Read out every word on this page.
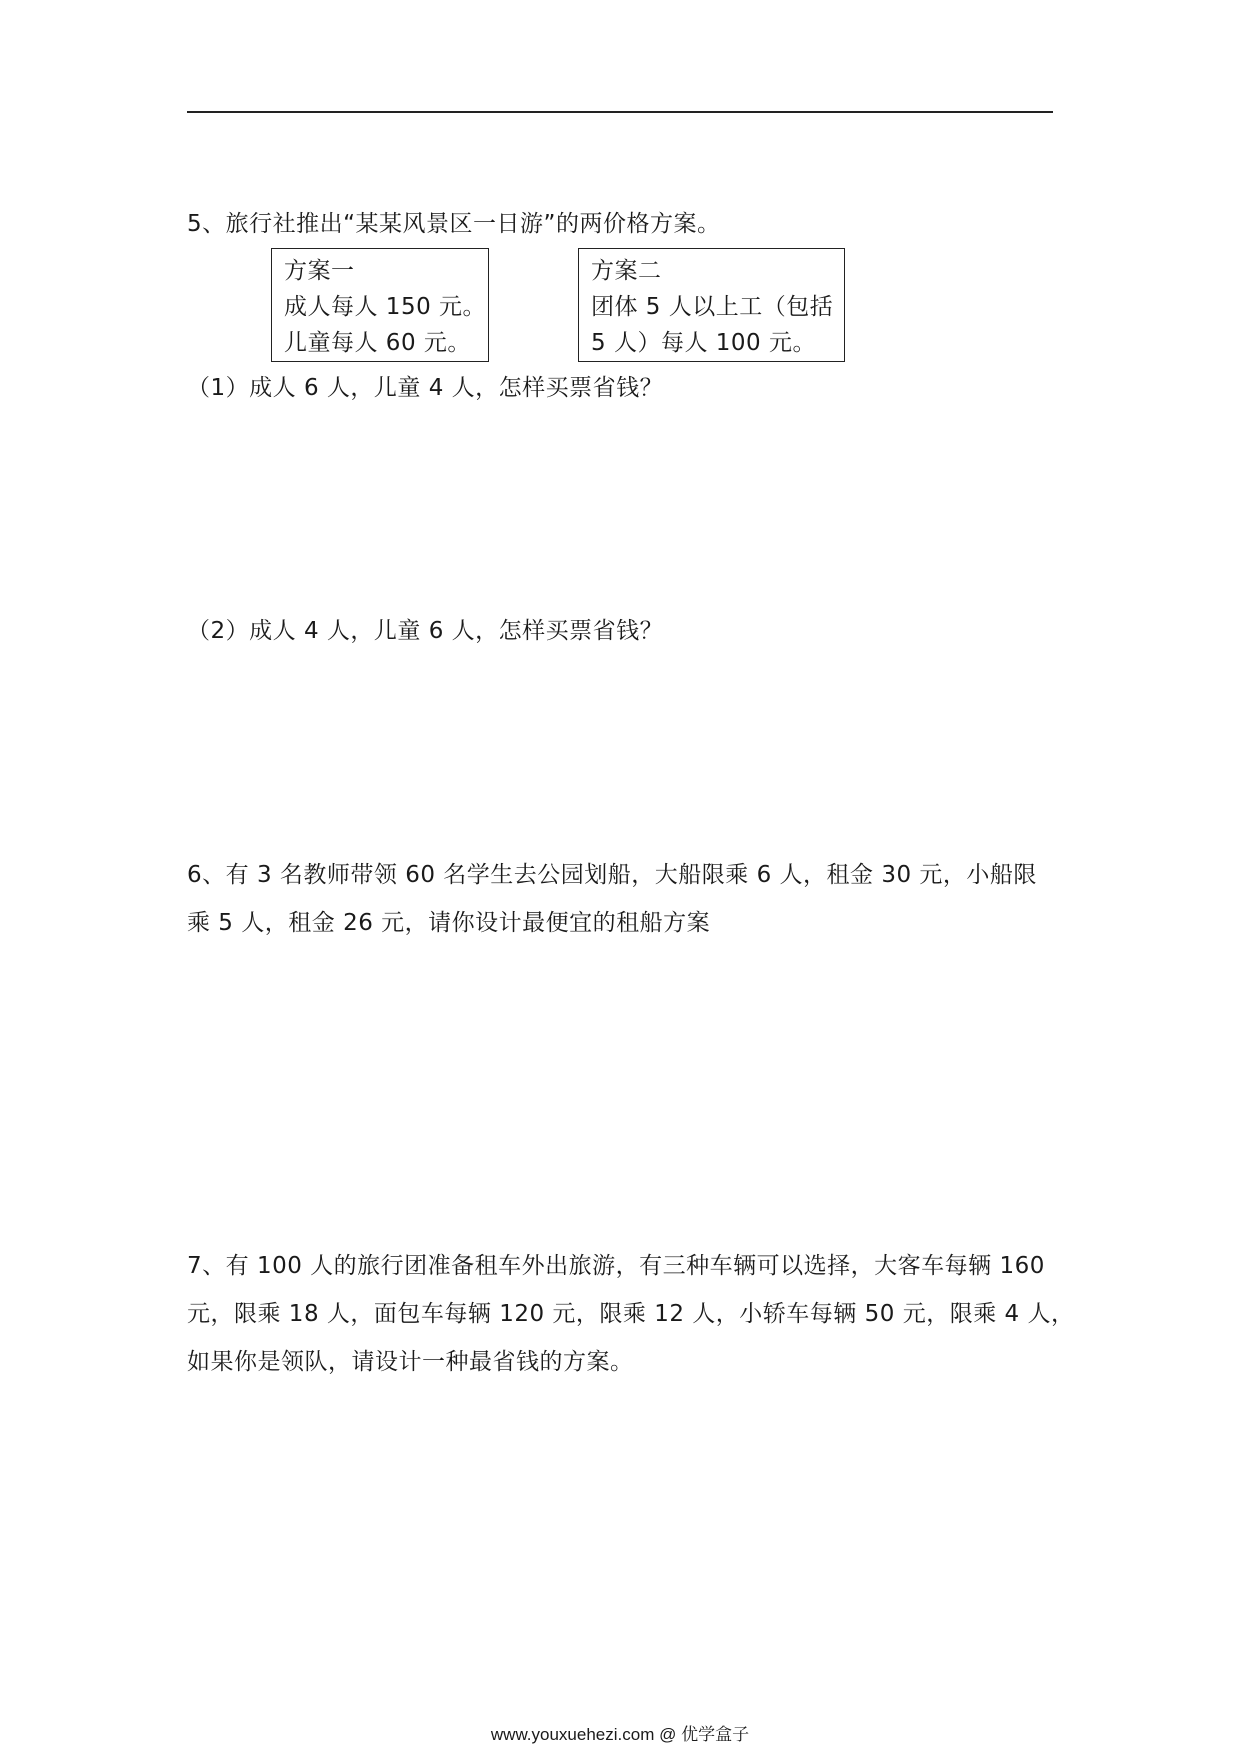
5、旅行社推出“某某风景区一日游”的两价格方案。
方案一
成人每人 150 元。
儿童每人 60 元。
方案二
团体 5 人以上工（包括
5 人）每人 100 元。
（1）成人 6 人，儿童 4 人，怎样买票省钱？
（2）成人 4 人，儿童 6 人，怎样买票省钱？
6、有 3 名教师带领 60 名学生去公园划船，大船限乘 6 人，租金 30 元，小船限
乘 5 人，租金 26 元，请你设计最便宜的租船方案
7、有 100 人的旅行团准备租车外出旅游，有三种车辆可以选择，大客车每辆 160
元，限乘 18 人，面包车每辆 120 元，限乘 12 人，小轿车每辆 50 元，限乘 4 人，
如果你是领队，请设计一种最省钱的方案。
www.youxuehezi.com @ 优学盒子
